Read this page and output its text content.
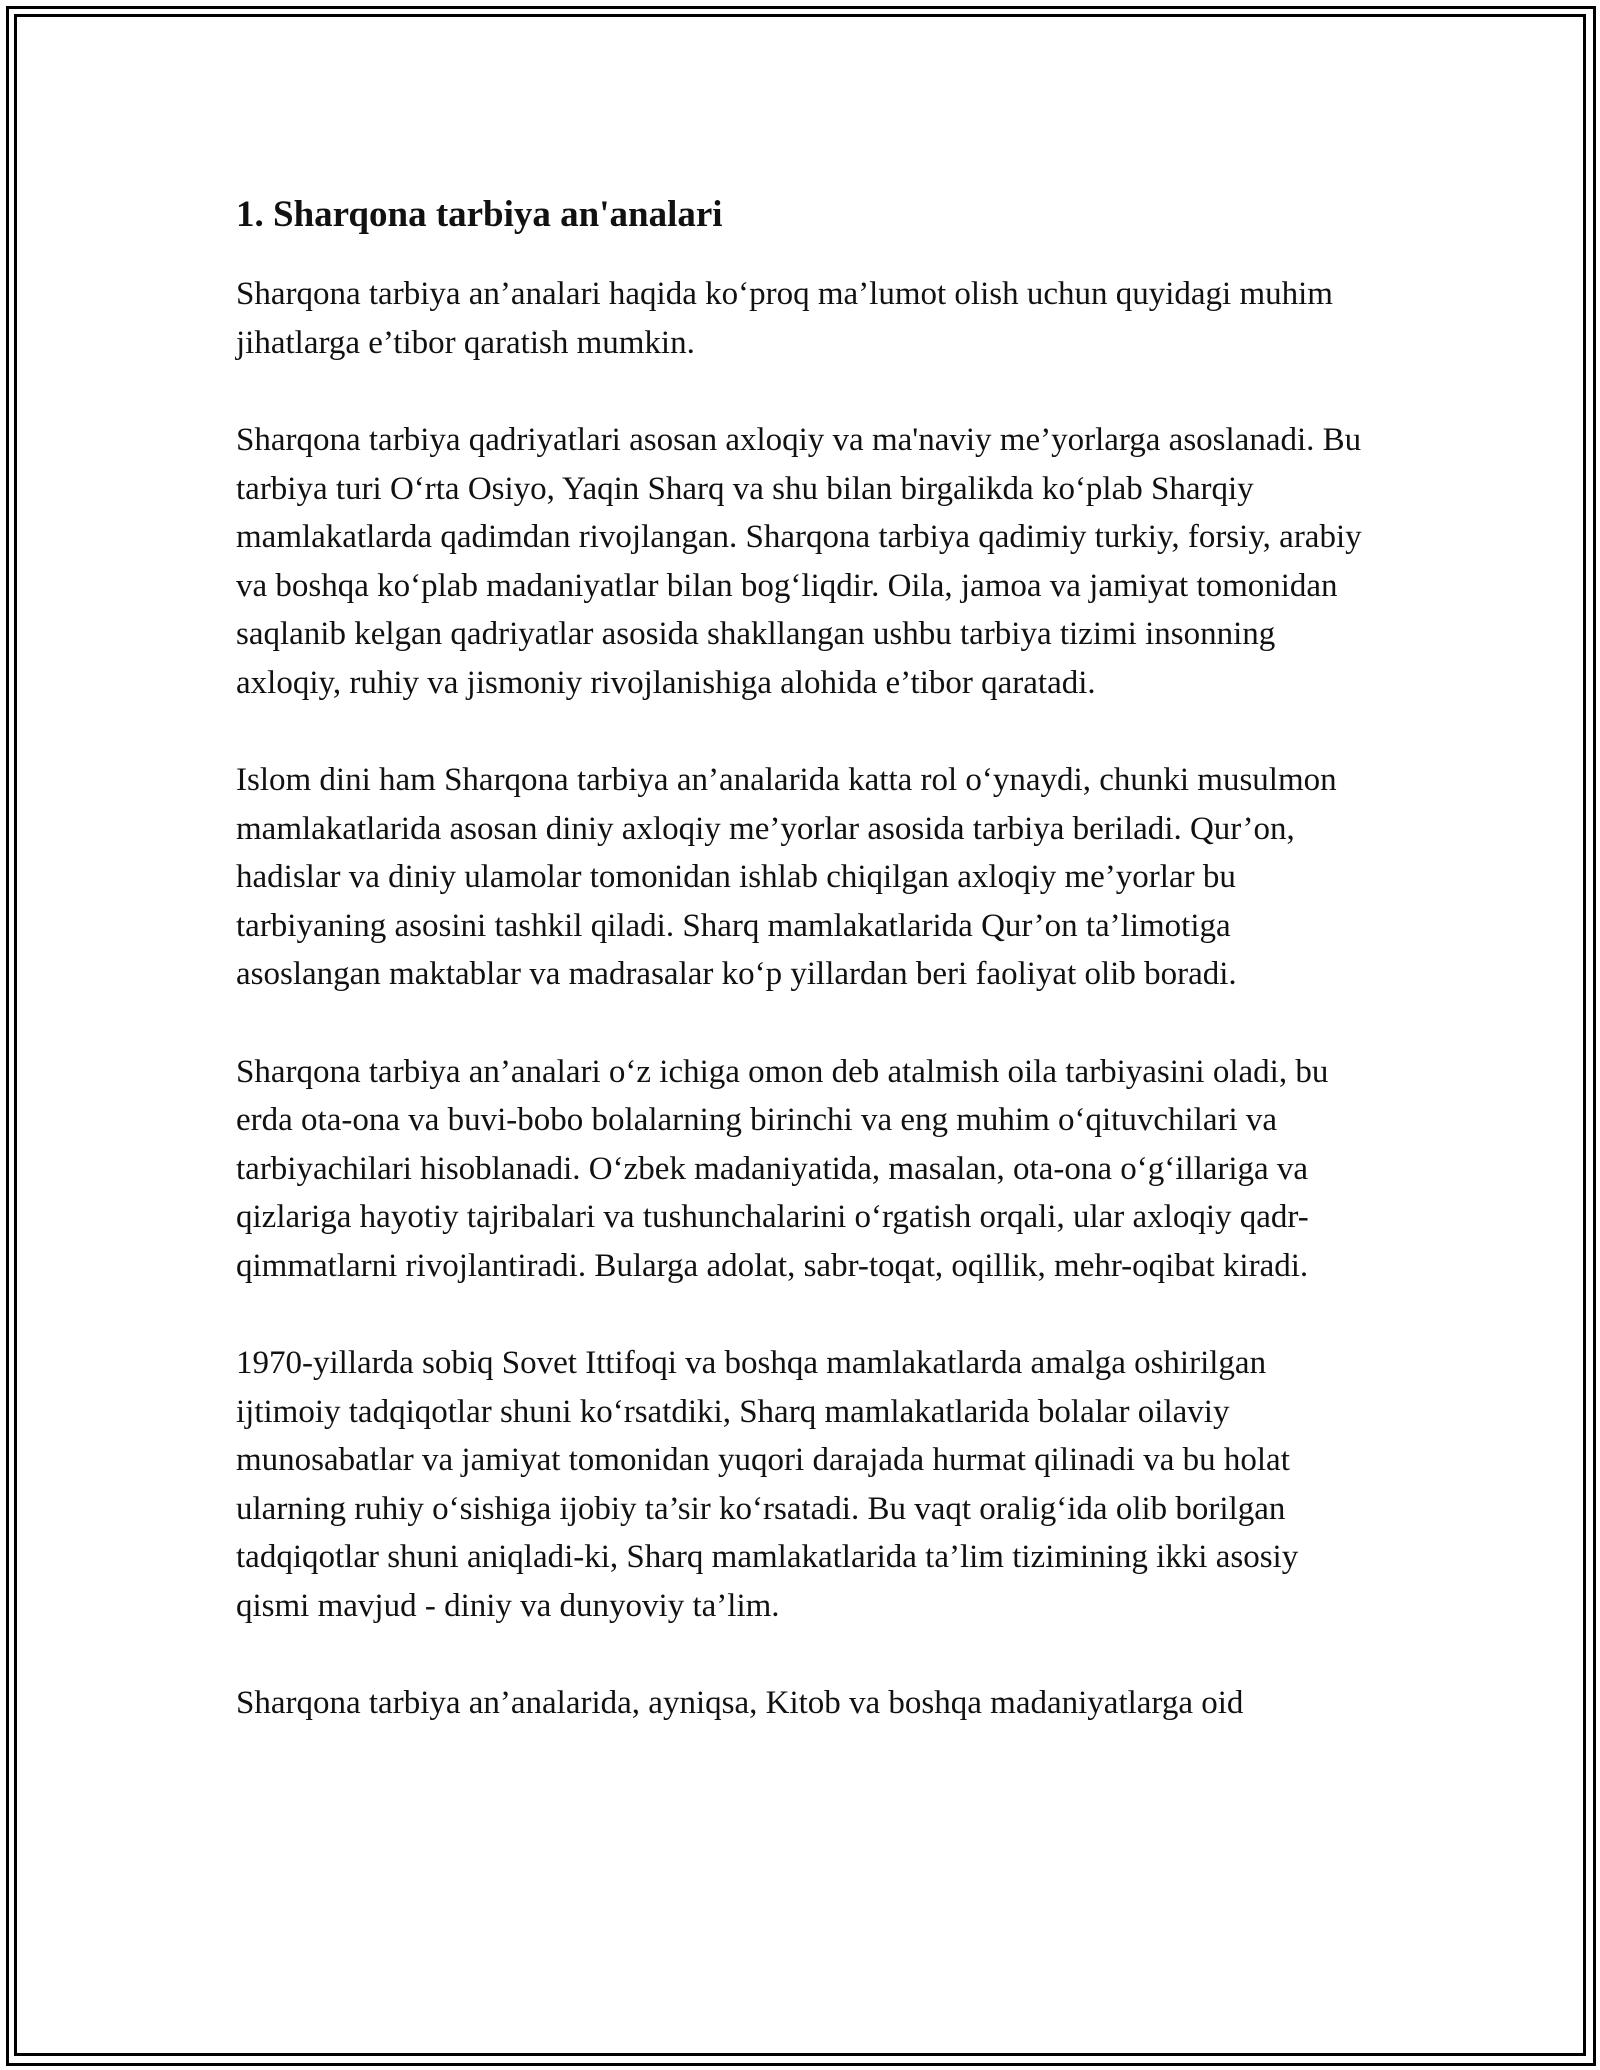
1. Sharqona tarbiya an'analari

Sharqona tarbiya an’analari haqida ko‘proq ma’lumot olish uchun quyidagi muhim jihatlarga e’tibor qaratish mumkin.

Sharqona tarbiya qadriyatlari asosan axloqiy va ma'naviy me’yorlarga asoslanadi. Bu tarbiya turi O‘rta Osiyo, Yaqin Sharq va shu bilan birgalikda ko‘plab Sharqiy mamlakatlarda qadimdan rivojlangan. Sharqona tarbiya qadimiy turkiy, forsiy, arabiy va boshqa ko‘plab madaniyatlar bilan bog‘liqdir. Oila, jamoa va jamiyat tomonidan saqlanib kelgan qadriyatlar asosida shakllangan ushbu tarbiya tizimi insonning axloqiy, ruhiy va jismoniy rivojlanishiga alohida e’tibor qaratadi.

Islom dini ham Sharqona tarbiya an’analarida katta rol o‘ynaydi, chunki musulmon mamlakatlarida asosan diniy axloqiy me’yorlar asosida tarbiya beriladi. Qur’on, hadislar va diniy ulamolar tomonidan ishlab chiqilgan axloqiy me’yorlar bu tarbiyaning asosini tashkil qiladi. Sharq mamlakatlarida Qur’on ta’limotiga asoslangan maktablar va madrasalar ko‘p yillardan beri faoliyat olib boradi.

Sharqona tarbiya an’analari o‘z ichiga omon deb atalmish oila tarbiyasini oladi, bu erda ota-ona va buvi-bobo bolalarning birinchi va eng muhim o‘qituvchilari va tarbiyachilari hisoblanadi. O‘zbek madaniyatida, masalan, ota-ona o‘g‘illariga va qizlariga hayotiy tajribalari va tushunchalarini o‘rgatish orqali, ular axloqiy qadr-qimmatlarni rivojlantiradi. Bularga adolat, sabr-toqat, oqillik, mehr-oqibat kiradi.

1970-yillarda sobiq Sovet Ittifoqi va boshqa mamlakatlarda amalga oshirilgan ijtimoiy tadqiqotlar shuni ko‘rsatdiki, Sharq mamlakatlarida bolalar oilaviy munosabatlar va jamiyat tomonidan yuqori darajada hurmat qilinadi va bu holat ularning ruhiy o‘sishiga ijobiy ta’sir ko‘rsatadi. Bu vaqt oralig‘ida olib borilgan tadqiqotlar shuni aniqladi-ki, Sharq mamlakatlarida ta’lim tizimining ikki asosiy qismi mavjud - diniy va dunyoviy ta’lim.

Sharqona tarbiya an’analarida, ayniqsa, Kitob va boshqa madaniyatlarga oid
